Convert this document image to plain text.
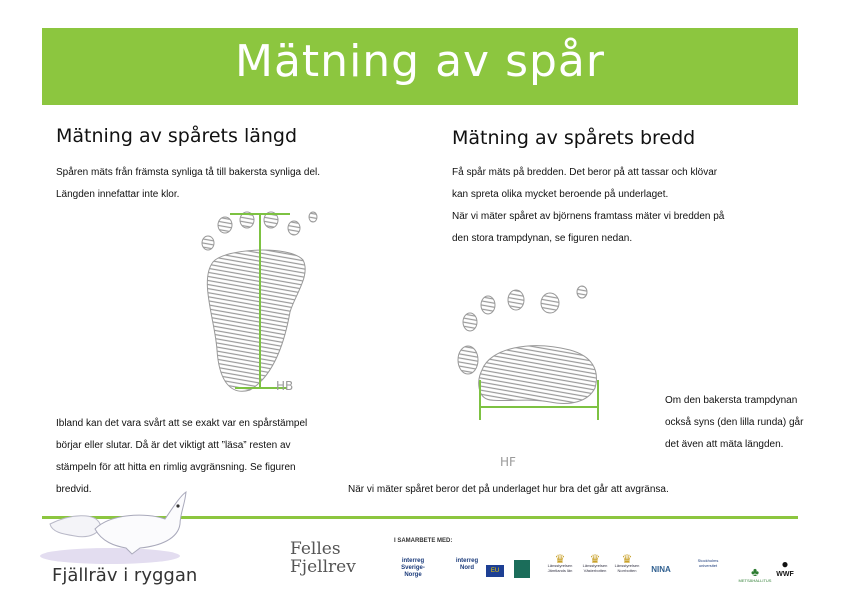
Mätning av spår
Mätning av spårets längd	Mätning av spårets bredd
Spåren mäts från främsta synliga tå till bakersta synliga del.
Längden innefattar inte klor.
Få spår mäts på bredden. Det beror på att tassar och klövar
kan spreta olika mycket beroende på underlaget.
När vi mäter spåret av björnens framtass mäter vi bredden på
den stora trampdynan, se figuren nedan.
HB
HF
Om den bakersta trampdynan
också syns (den lilla runda) går
det även att mäta längden.
Ibland kan det vara svårt att se exakt var en spårstämpel
börjar eller slutar. Då är det viktigt att ”läsa” resten av
stämpeln för att hitta en rimlig avgränsning. Se figuren
bredvid.	När vi mäter spåret beror det på underlaget hur bra det går att avgränsa.
Fjällräv i ryggan
Felles Fjellrev
I SAMARBETE MED:
interreg Sverige-Norge
interreg Nord	EU
♛
Länsstyrelsen Jämtlands län
♛
Länsstyrelsen Västerbotten
♛
Länsstyrelsen Norrbotten	NINA
Stockholms universitet	♣
METSÄHALLITUS
●
WWF
